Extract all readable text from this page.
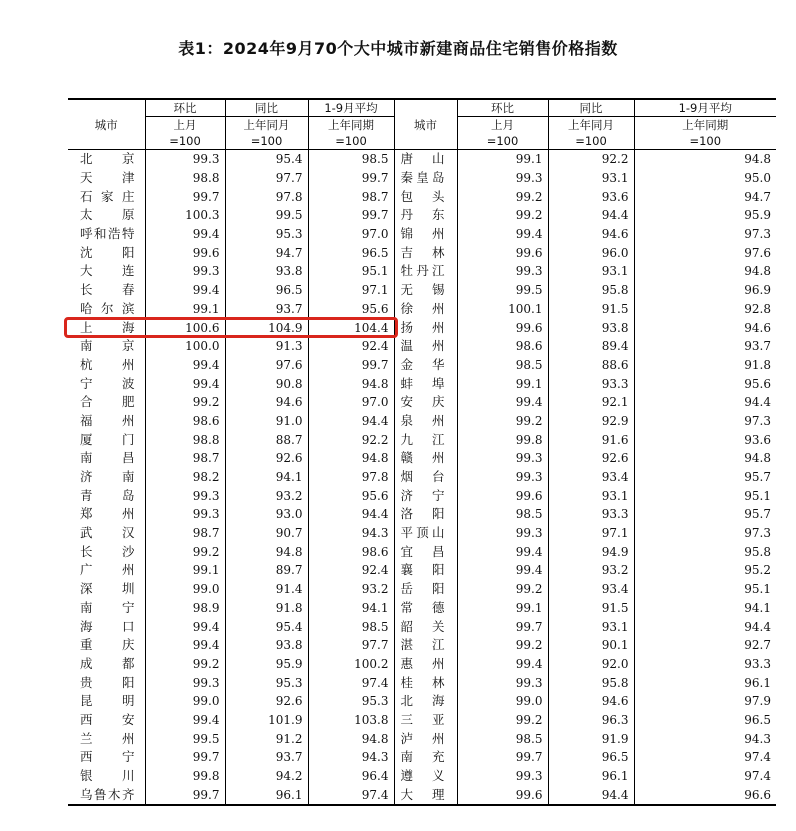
表1：2024年9月70个大中城市新建商品住宅销售价格指数
城市	环比	同比	1-9月平均	城市	环比	同比	1-9月平均
	上月	上年同月	上年同期		上月	上年同月	上年同期
	=100	=100	=100		=100	=100	=100
北京	99.3	95.4	98.5	唐山	99.1	92.2	94.8
天津	98.8	97.7	99.7	秦皇岛	99.3	93.1	95.0
石家庄	99.7	97.8	98.7	包头	99.2	93.6	94.7
太原	100.3	99.5	99.7	丹东	99.2	94.4	95.9
呼和浩特	99.4	95.3	97.0	锦州	99.4	94.6	97.3
沈阳	99.6	94.7	96.5	吉林	99.6	96.0	97.6
大连	99.3	93.8	95.1	牡丹江	99.3	93.1	94.8
长春	99.4	96.5	97.1	无锡	99.5	95.8	96.9
哈尔滨	99.1	93.7	95.6	徐州	100.1	91.5	92.8
上海	100.6	104.9	104.4	扬州	99.6	93.8	94.6
南京	100.0	91.3	92.4	温州	98.6	89.4	93.7
杭州	99.4	97.6	99.7	金华	98.5	88.6	91.8
宁波	99.4	90.8	94.8	蚌埠	99.1	93.3	95.6
合肥	99.2	94.6	97.0	安庆	99.4	92.1	94.4
福州	98.6	91.0	94.4	泉州	99.2	92.9	97.3
厦门	98.8	88.7	92.2	九江	99.8	91.6	93.6
南昌	98.7	92.6	94.8	赣州	99.3	92.6	94.8
济南	98.2	94.1	97.8	烟台	99.3	93.4	95.7
青岛	99.3	93.2	95.6	济宁	99.6	93.1	95.1
郑州	99.3	93.0	94.4	洛阳	98.5	93.3	95.7
武汉	98.7	90.7	94.3	平顶山	99.3	97.1	97.3
长沙	99.2	94.8	98.6	宜昌	99.4	94.9	95.8
广州	99.1	89.7	92.4	襄阳	99.4	93.2	95.2
深圳	99.0	91.4	93.2	岳阳	99.2	93.4	95.1
南宁	98.9	91.8	94.1	常德	99.1	91.5	94.1
海口	99.4	95.4	98.5	韶关	99.7	93.1	94.4
重庆	99.4	93.8	97.7	湛江	99.2	90.1	92.7
成都	99.2	95.9	100.2	惠州	99.4	92.0	93.3
贵阳	99.3	95.3	97.4	桂林	99.3	95.8	96.1
昆明	99.0	92.6	95.3	北海	99.0	94.6	97.9
西安	99.4	101.9	103.8	三亚	99.2	96.3	96.5
兰州	99.5	91.2	94.8	泸州	98.5	91.9	94.3
西宁	99.7	93.7	94.3	南充	99.7	96.5	97.4
银川	99.8	94.2	96.4	遵义	99.3	96.1	97.4
乌鲁木齐	99.7	96.1	97.4	大理	99.6	94.4	96.6
